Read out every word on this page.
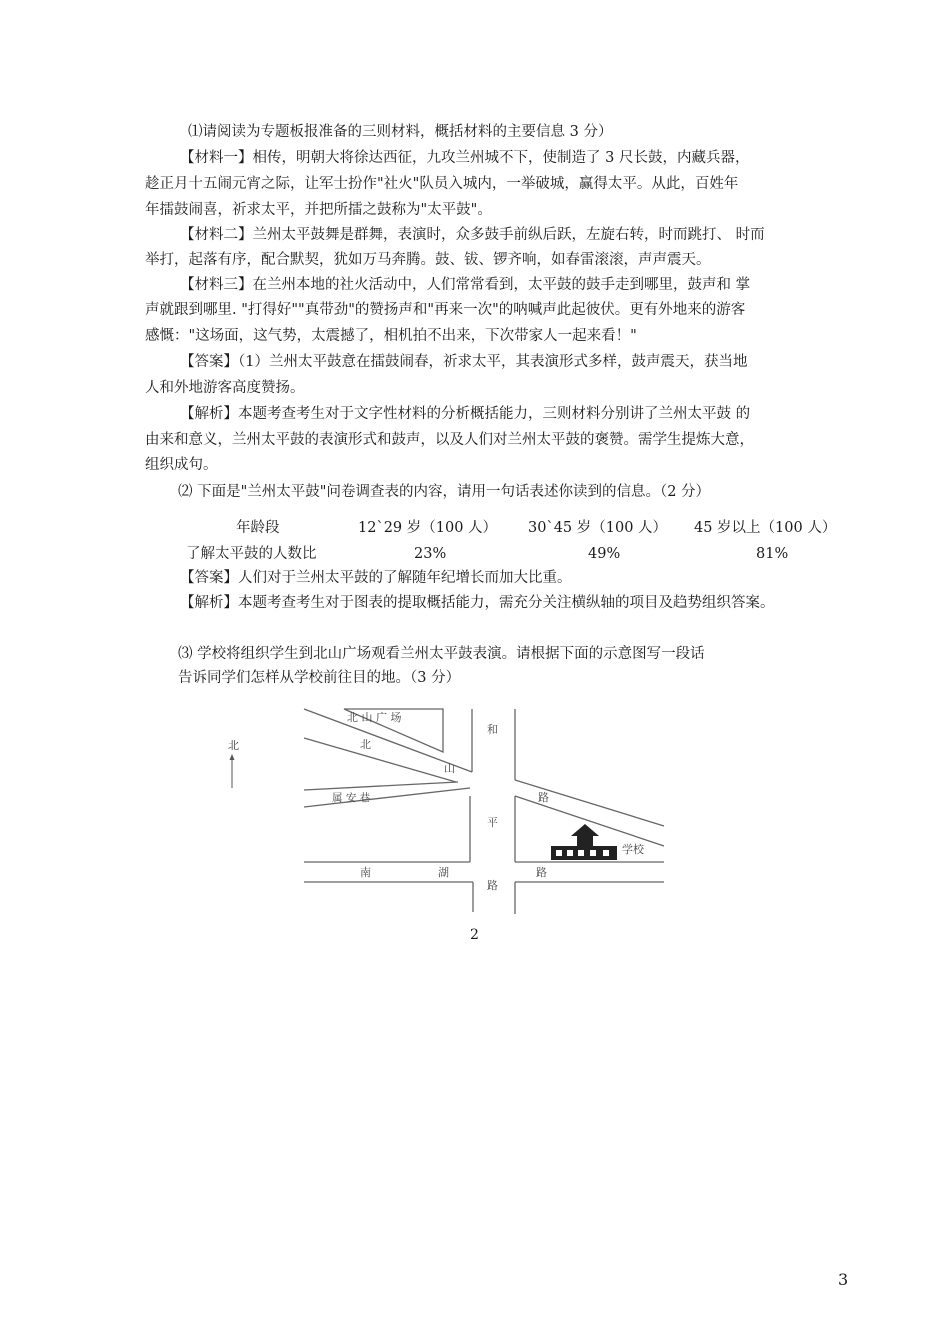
⑴请阅读为专题板报准备的三则材料，概括材料的主要信息 3 分）
【材料一】相传，明朝大将徐达西征，九攻兰州城不下，使制造了 3 尺长鼓，内藏兵器，
趁正月十五闹元宵之际，让军士扮作"社火"队员入城内，一举破城，赢得太平。从此，百姓年
年擂鼓闹喜，祈求太平，并把所擂之鼓称为"太平鼓"。
【材料二】兰州太平鼓舞是群舞，表演时，众多鼓手前纵后跃，左旋右转，时而跳打、 时而
举打，起落有序，配合默契，犹如万马奔腾。鼓、钹、锣齐响，如春雷滚滚，声声震天。
【材料三】在兰州本地的社火活动中，人们常常看到，太平鼓的鼓手走到哪里，鼓声和 掌
声就跟到哪里. "打得好""真带劲"的赞扬声和"再来一次"的呐喊声此起彼伏。更有外地来的游客
感慨："这场面，这气势，太震撼了，相机拍不出来，下次带家人一起来看！"
【答案】（1）兰州太平鼓意在擂鼓闹春，祈求太平，其表演形式多样，鼓声震天，获当地
人和外地游客高度赞扬。
【解析】本题考查考生对于文字性材料的分析概括能力，三则材料分别讲了兰州太平鼓 的
由来和意义，兰州太平鼓的表演形式和鼓声，以及人们对兰州太平鼓的褒赞。需学生提炼大意，
组织成句。
⑵ 下面是"兰州太平鼓"问卷调查表的内容，请用一句话表述你读到的信息。（2 分）
年龄段	12`29 岁（100 人） 30`45 岁（100 人） 45 岁以上（100 人）
了解太平鼓的人数比	23%	49%	81%
【答案】人们对于兰州太平鼓的了解随年纪增长而加大比重。
【解析】本题考查考生对于图表的提取概括能力，需充分关注横纵轴的项目及趋势组织答案。
⑶ 学校将组织学生到北山广场观看兰州太平鼓表演。请根据下面的示意图写一段话
告诉同学们怎样从学校前往目的地。（3 分）
北
北 山 广 场
北
山
属 安 巷
和
平
路
路
学校
南	湖	路
2
3
